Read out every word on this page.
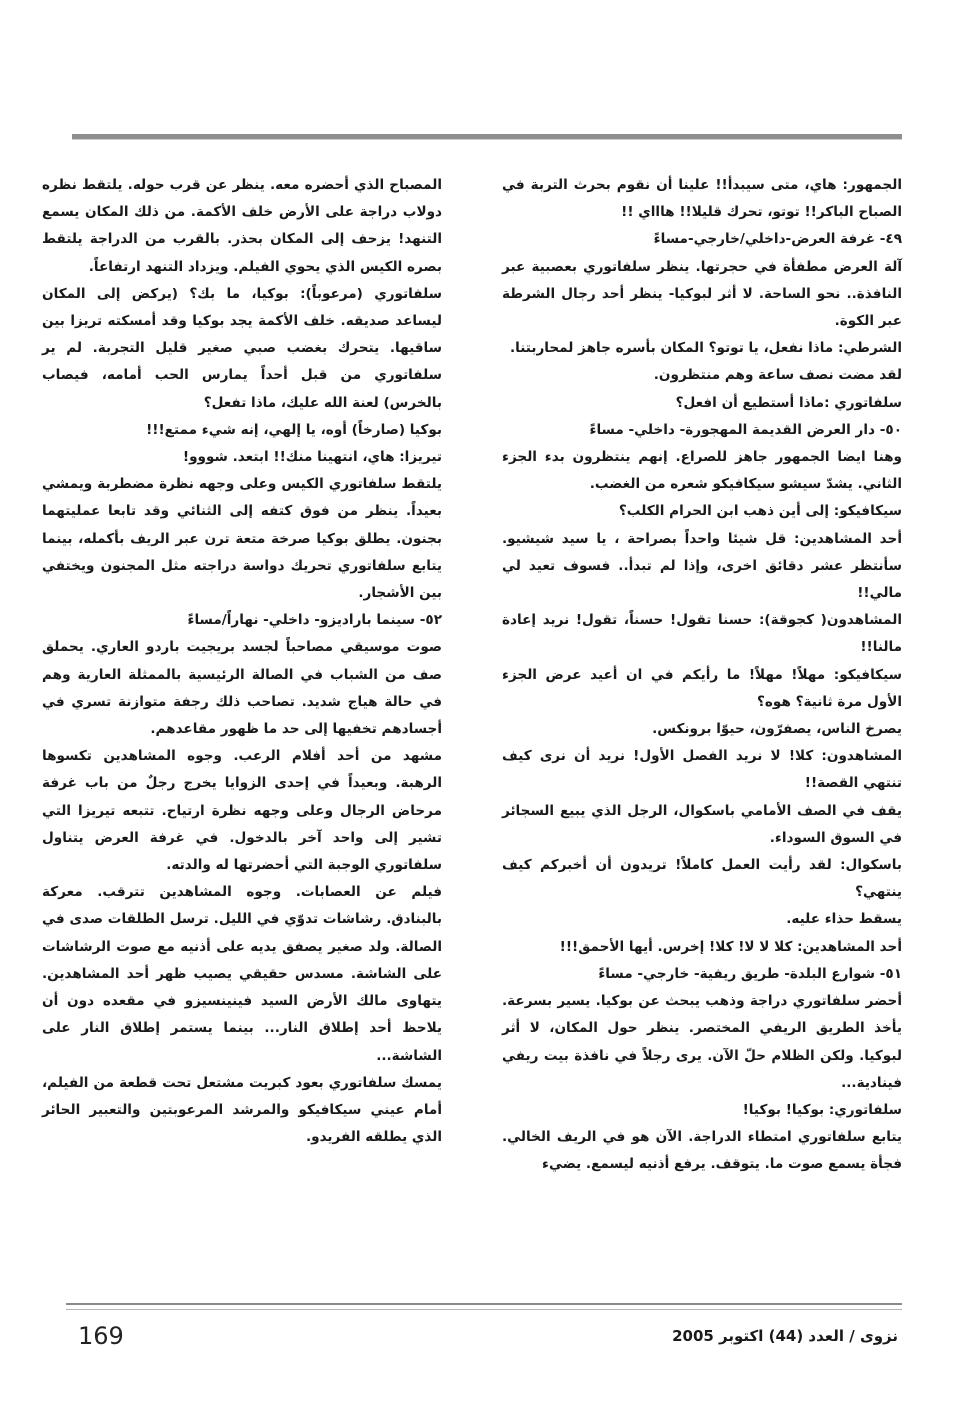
الجمهور: هاي، متى سيبدأ!! علينا أن نقوم بحرث التربة في الصباح الباكر!! توتو، تحرك قليلا!! هاااي !!

٤٩- غرفة العرض-داخلي/خارجي-مساءً

آلة العرض مطفأة في حجرتها. ينظر سلفاتوري بعصبية عبر النافذة.. نحو الساحة. لا أثر لبوكيا- ينظر أحد رجال الشرطة عبر الكوة.

الشرطي: ماذا نفعل، يا توتو؟ المكان بأسره جاهز لمحاربتنا.

لقد مضت نصف ساعة وهم منتظرون.

سلفاتوري :ماذا أستطيع أن افعل؟

٥٠- دار العرض القديمة المهجورة- داخلي- مساءً

وهنا ايضا الجمهور جاهز للصراع. إنهم ينتظرون بدء الجزء الثاني. يشدّ سيشو سيكافيكو شعره من الغضب.

سيكافيكو: إلى أين ذهب ابن الحرام الكلب؟

أحد المشاهدين: قل شيئا واحداً بصراحة ، يا سيد شيشيو. سأنتظر عشر دقائق اخرى، وإذا لم تبدأ.. فسوف تعيد لي مالي!!

المشاهدون( كجوقة): حسنا تقول! حسناً، تقول! نريد إعادة مالنا!!

سيكافيكو: مهلاً! مهلاً! ما رأيكم في ان أعيد عرض الجزء الأول مرة ثانية؟ هوه؟

يصرخ الناس، يصفرّون، حيوّا برونكس.

المشاهدون: كلا! لا نريد الفصل الأول! نريد أن نرى كيف تنتهي القصة!!

يقف في الصف الأمامي باسكوال، الرجل الذي يبيع السجائر في السوق السوداء.

باسكوال: لقد رأيت العمل كاملاً! تريدون أن أخبركم كيف ينتهي؟

يسقط حذاء عليه.

أحد المشاهدين: كلا لا لا! كلا! إخرس. أيها الأحمق!!!

٥١- شوارع البلدة- طريق ريفية- خارجي- مساءً

أحضر سلفاتوري دراجة وذهب يبحث عن بوكيا. يسير بسرعة. يأخذ الطريق الريفي المختصر. ينظر حول المكان، لا أثر لبوكيا. ولكن الظلام حلّ الآن. يرى رجلاً في نافذة بيت ريفي فينادية...

سلفاتوري: بوكيا! بوكيا!

يتابع سلفاتوري امتطاء الدراجة. الآن هو في الريف الخالي. فجأة يسمع صوت ما. يتوقف. يرفع أذنيه ليسمع. يضيء

المصباح الذي أحضره معه. ينظر عن قرب حوله. يلتقط نظره دولاب دراجة على الأرض خلف الأكمة. من ذلك المكان يسمع التنهد! يزحف إلى المكان بحذر. بالقرب من الدراجة يلتقط بصره الكيس الذي يحوي الفيلم. ويزداد التنهد ارتفاعاً.

سلفاتوري (مرعوباً): بوكيا، ما بك؟ (يركض إلى المكان ليساعد صديقه. خلف الأكمة يجد بوكيا وقد أمسكته تريزا بين ساقيها. يتحرك بغضب صبي صغير قليل التجربة. لم ير سلفاتوري من قبل أحداً يمارس الحب أمامه، فيصاب بالخرس) لعنة الله عليك، ماذا تفعل؟

بوكيا (صارخاً) أوه، يا إلهي، إنه شيء ممتع!!!

تيريزا: هاي، انتهينا منك!! ابتعد. شووو!

يلتقط سلفاتوري الكيس وعلى وجهه نظرة مضطربة ويمشي بعيداً. ينظر من فوق كتفه إلى الثنائي وقد تابعا عمليتهما بجنون. يطلق بوكيا صرخة متعة ترن عبر الريف بأكمله، بينما يتابع سلفاتوري تحريك دواسة دراجته مثل المجنون ويختفي بين الأشجار.

٥٢- سينما باراديزو- داخلي- نهاراً/مساءً

صوت موسيقي مصاحباً لجسد بريجيت باردو العاري. يحملق صف من الشباب في الصالة الرئيسية بالممثلة العارية وهم في حالة هياج شديد. تصاحب ذلك رجفة متوازنة تسري في أجسادهم تخفيها إلى حد ما ظهور مقاعدهم.

مشهد من أحد أفلام الرعب. وجوه المشاهدين تكسوها الرهبة. وبعيداً في إحدى الزوايا يخرج رجلٌ من باب غرفة مرحاض الرجال وعلى وجهه نظرة ارتياح. تتبعه تيريزا التي تشير إلى واحد آخر بالدخول. في غرفة العرض يتناول سلفاتوري الوجبة التي أحضرتها له والدته.

فيلم عن العصابات. وجوه المشاهدين تترقب. معركة بالبنادق. رشاشات تدوّي في الليل. ترسل الطلقات صدى في الصالة. ولد صغير يصفق يديه على أذنيه مع صوت الرشاشات على الشاشة. مسدس حقيقي يصيب ظهر أحد المشاهدين. يتهاوى مالك الأرض السيد فينينسيزو في مقعده دون أن يلاحظ أحد إطلاق النار... بينما يستمر إطلاق النار على الشاشة...

يمسك سلفاتوري بعود كبريت مشتعل تحت قطعة من الفيلم، أمام عيني سيكافيكو والمرشد المرعوبتين والتعبير الحائر الذي يطلقه الفريدو.

169	نزوى / العدد (44) اكتوبر 2005
